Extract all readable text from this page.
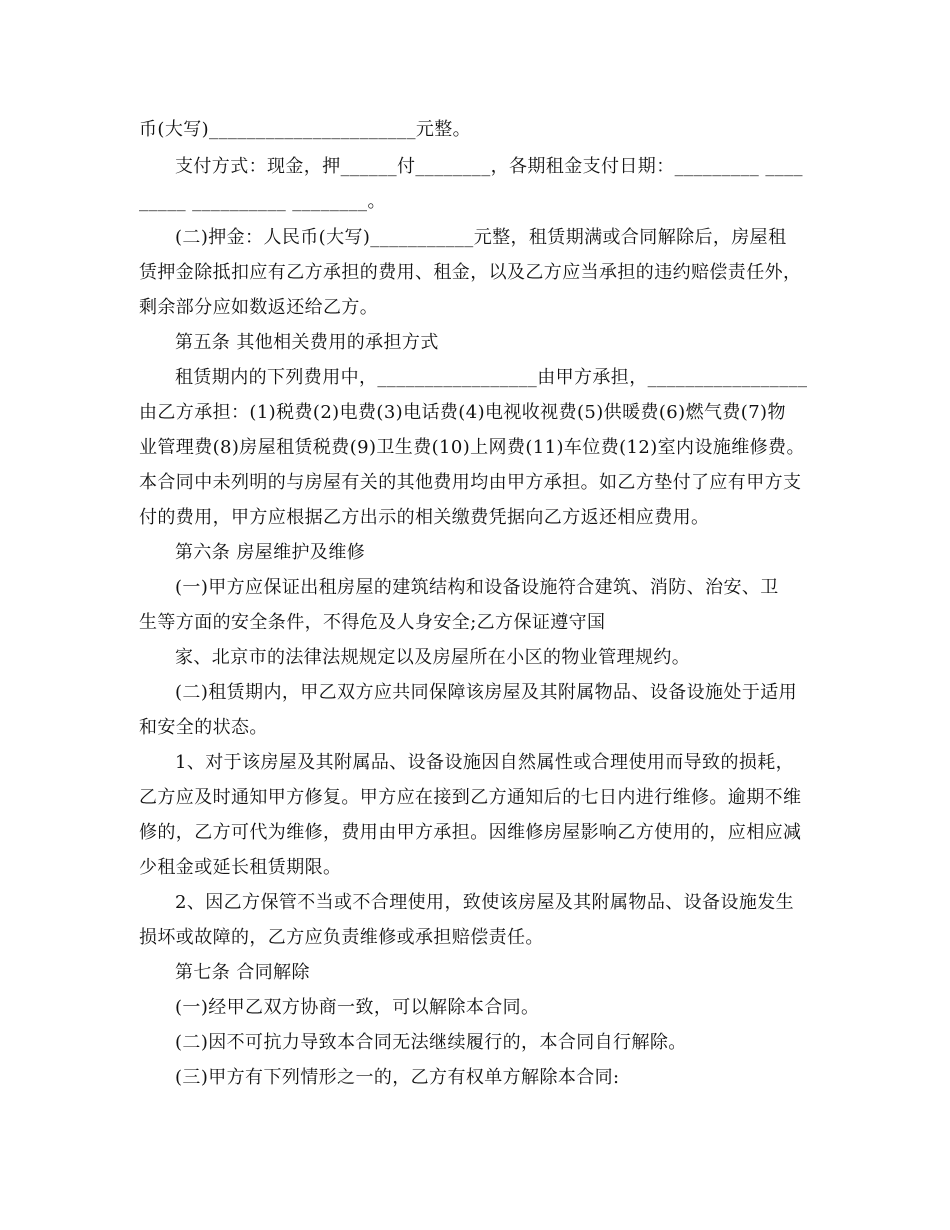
币(大写)______________________元整。
支付方式：现金，押______付________，各期租金支付日期：_________ ____
_____ __________ ________。
(二)押金：人民币(大写)___________元整，租赁期满或合同解除后，房屋租
赁押金除抵扣应有乙方承担的费用、租金，以及乙方应当承担的违约赔偿责任外，
剩余部分应如数返还给乙方。
第五条 其他相关费用的承担方式
租赁期内的下列费用中，_________________由甲方承担，_________________
由乙方承担：(1)税费(2)电费(3)电话费(4)电视收视费(5)供暖费(6)燃气费(7)物
业管理费(8)房屋租赁税费(9)卫生费(10)上网费(11)车位费(12)室内设施维修费。
本合同中未列明的与房屋有关的其他费用均由甲方承担。如乙方垫付了应有甲方支
付的费用，甲方应根据乙方出示的相关缴费凭据向乙方返还相应费用。
第六条 房屋维护及维修
(一)甲方应保证出租房屋的建筑结构和设备设施符合建筑、消防、治安、卫
生等方面的安全条件，不得危及人身安全;乙方保证遵守国
家、北京市的法律法规规定以及房屋所在小区的物业管理规约。
(二)租赁期内，甲乙双方应共同保障该房屋及其附属物品、设备设施处于适用
和安全的状态。
1、对于该房屋及其附属品、设备设施因自然属性或合理使用而导致的损耗，
乙方应及时通知甲方修复。甲方应在接到乙方通知后的七日内进行维修。逾期不维
修的，乙方可代为维修，费用由甲方承担。因维修房屋影响乙方使用的，应相应减
少租金或延长租赁期限。
2、因乙方保管不当或不合理使用，致使该房屋及其附属物品、设备设施发生
损坏或故障的，乙方应负责维修或承担赔偿责任。
第七条 合同解除
(一)经甲乙双方协商一致，可以解除本合同。
(二)因不可抗力导致本合同无法继续履行的，本合同自行解除。
(三)甲方有下列情形之一的，乙方有权单方解除本合同:
